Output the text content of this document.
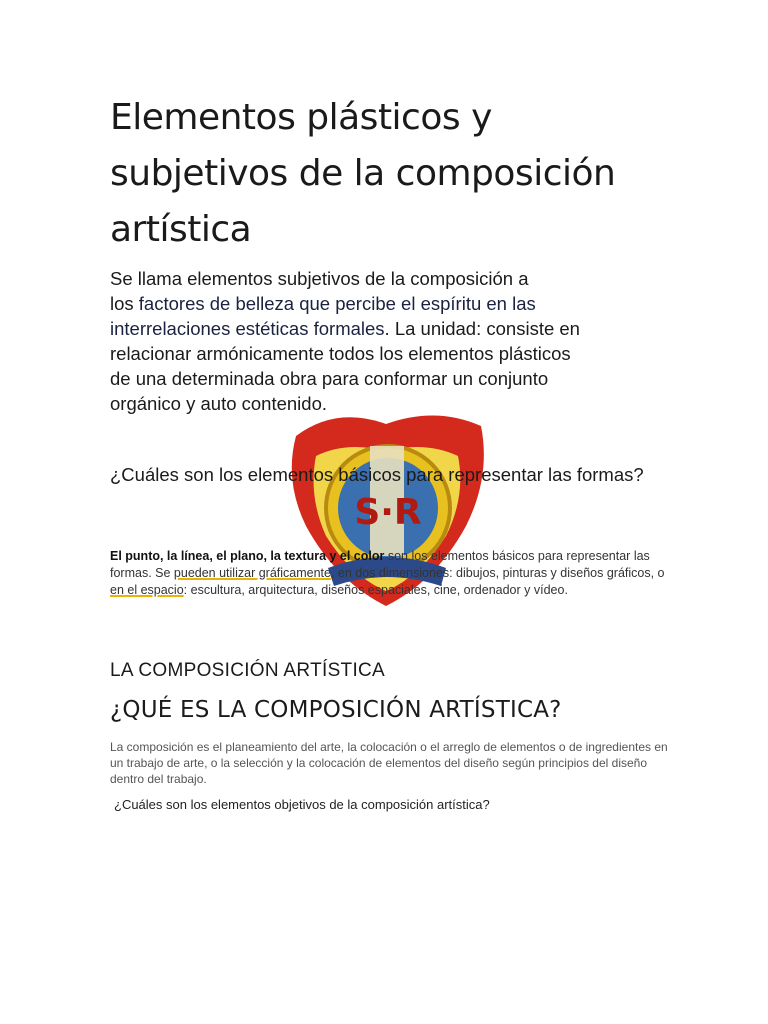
Elementos plásticos y
subjetivos de la composición
artística
S·R
Se llama elementos subjetivos de la composición a
los factores de belleza que percibe el espíritu en las
interrelaciones estéticas formales. La unidad: consiste en
relacionar armónicamente todos los elementos plásticos
de una determinada obra para conformar un conjunto
orgánico y auto contenido.
¿Cuáles son los elementos básicos para representar las formas?
El punto, la línea, el plano, la textura y el color son los elementos básicos para representar las formas. Se pueden utilizar gráficamente, en dos dimensiones: dibujos, pinturas y diseños gráficos, o en el espacio: escultura, arquitectura, diseños espaciales, cine, ordenador y vídeo.
LA COMPOSICIÓN ARTÍSTICA
¿QUÉ ES LA COMPOSICIÓN ARTÍSTICA?
La composición es el planeamiento del arte, la colocación o el arreglo de elementos o de ingredientes en un trabajo de arte, o la selección y la colocación de elementos del diseño según principios del diseño dentro del trabajo.
¿Cuáles son los elementos objetivos de la composición artística?
